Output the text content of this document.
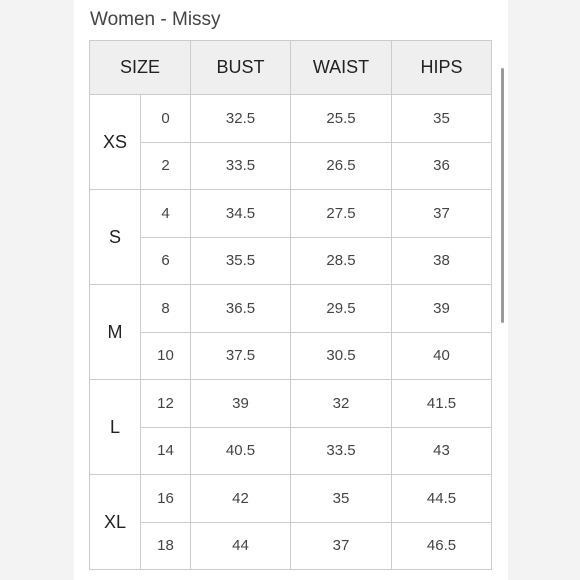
Women - Missy
SIZE		BUST	WAIST	HIPS
XS	0	32.5	25.5	35
	2	33.5	26.5	36
S	4	34.5	27.5	37
	6	35.5	28.5	38
M	8	36.5	29.5	39
	10	37.5	30.5	40
L	12	39	32	41.5
	14	40.5	33.5	43
XL	16	42	35	44.5
	18	44	37	46.5
